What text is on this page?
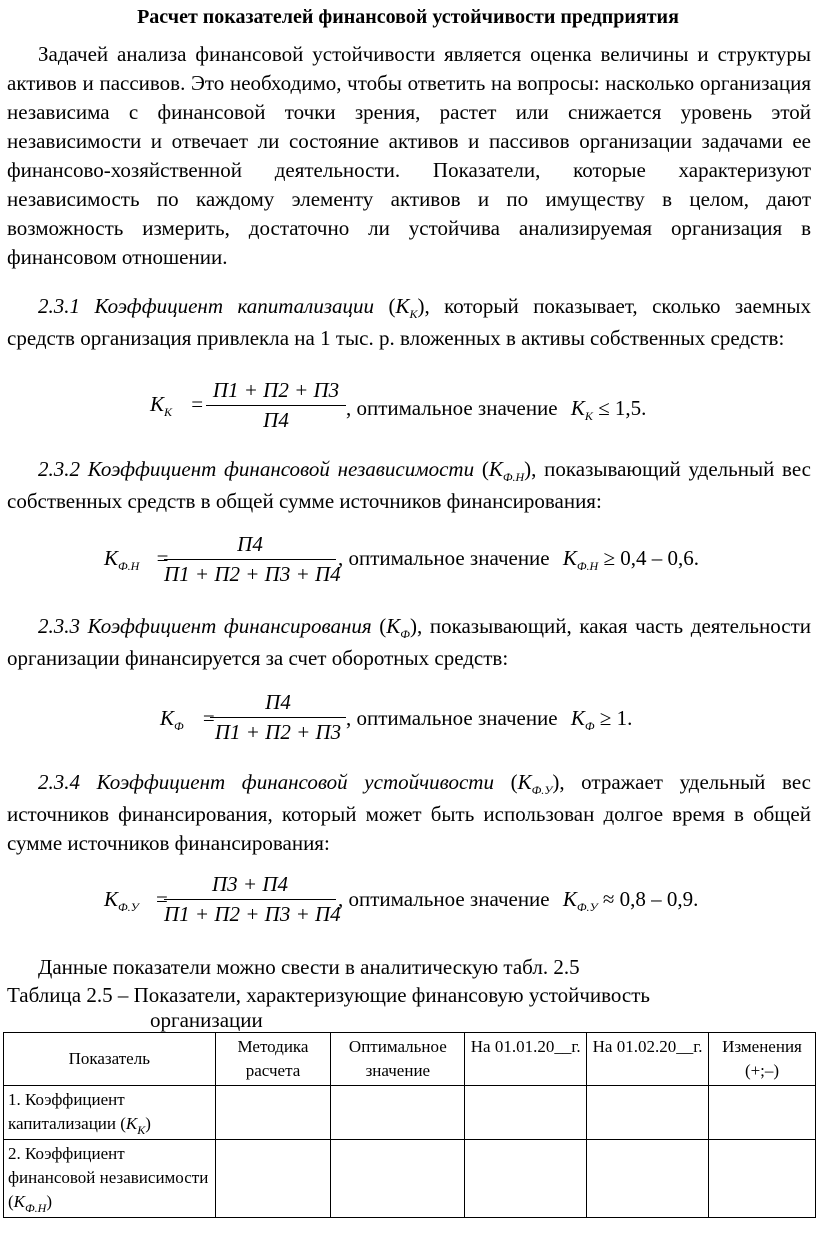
Расчет показателей финансовой устойчивости предприятия

Задачей анализа финансовой устойчивости является оценка величины и структуры активов и пассивов. Это необходимо, чтобы ответить на вопросы: насколько организация независима с финансовой точки зрения, растет или снижается уровень этой независимости и отвечает ли состояние активов и пассивов организации задачами ее финансово-хозяйственной деятельности. Показатели, которые характеризуют независимость по каждому элементу активов и по имуществу в целом, дают возможность измерить, достаточно ли устойчива анализируемая организация в финансовом отношении.

2.3.1 Коэффициент капитализации $(K_К)$, который показывает, сколько заемных средств организация привлекла на 1 тыс. р. вложенных в активы собственных средств:

$K_К$ =
П1 + П2 + П3
П4	, оптимальное значение $K_К \le 1,5$.

2.3.2 Коэффициент финансовой независимости $(K_{Ф.Н})$, показывающий удельный вес собственных средств в общей сумме источников финансирования:

$K_{Ф.Н}$ =
П4
П1 + П2 + П3 + П4
, оптимальное значение $K_{Ф.Н} \ge 0,4 - 0,6$.

2.3.3 Коэффициент финансирования $(K_Ф)$, показывающий, какая часть деятельности организации финансируется за счет оборотных средств:

$K_Ф$ =
П4
П1 + П2 + П3
, оптимальное значение $K_Ф \ge 1$.

2.3.4 Коэффициент финансовой устойчивости $(K_{Ф.У})$, отражает удельный вес источников финансирования, который может быть использован долгое время в общей сумме источников финансирования:

$K_{Ф.У}$ =
П3 + П4
П1 + П2 + П3 + П4
, оптимальное значение $K_{Ф.У} \approx 0,8 - 0,9$.

Данные показатели можно свести в аналитическую табл. 2.5

Таблица 2.5 – Показатели, характеризующие финансовую устойчивость

организации

Показатель	Методика расчета	Оптимальное значение	На 01.01.20__г.	На 01.02.20__г.	Изменения (+;–)
1. Коэффициент капитализации $(K_К)$					
2. Коэффициент финансовой независимости $(K_{Ф.Н})$					
